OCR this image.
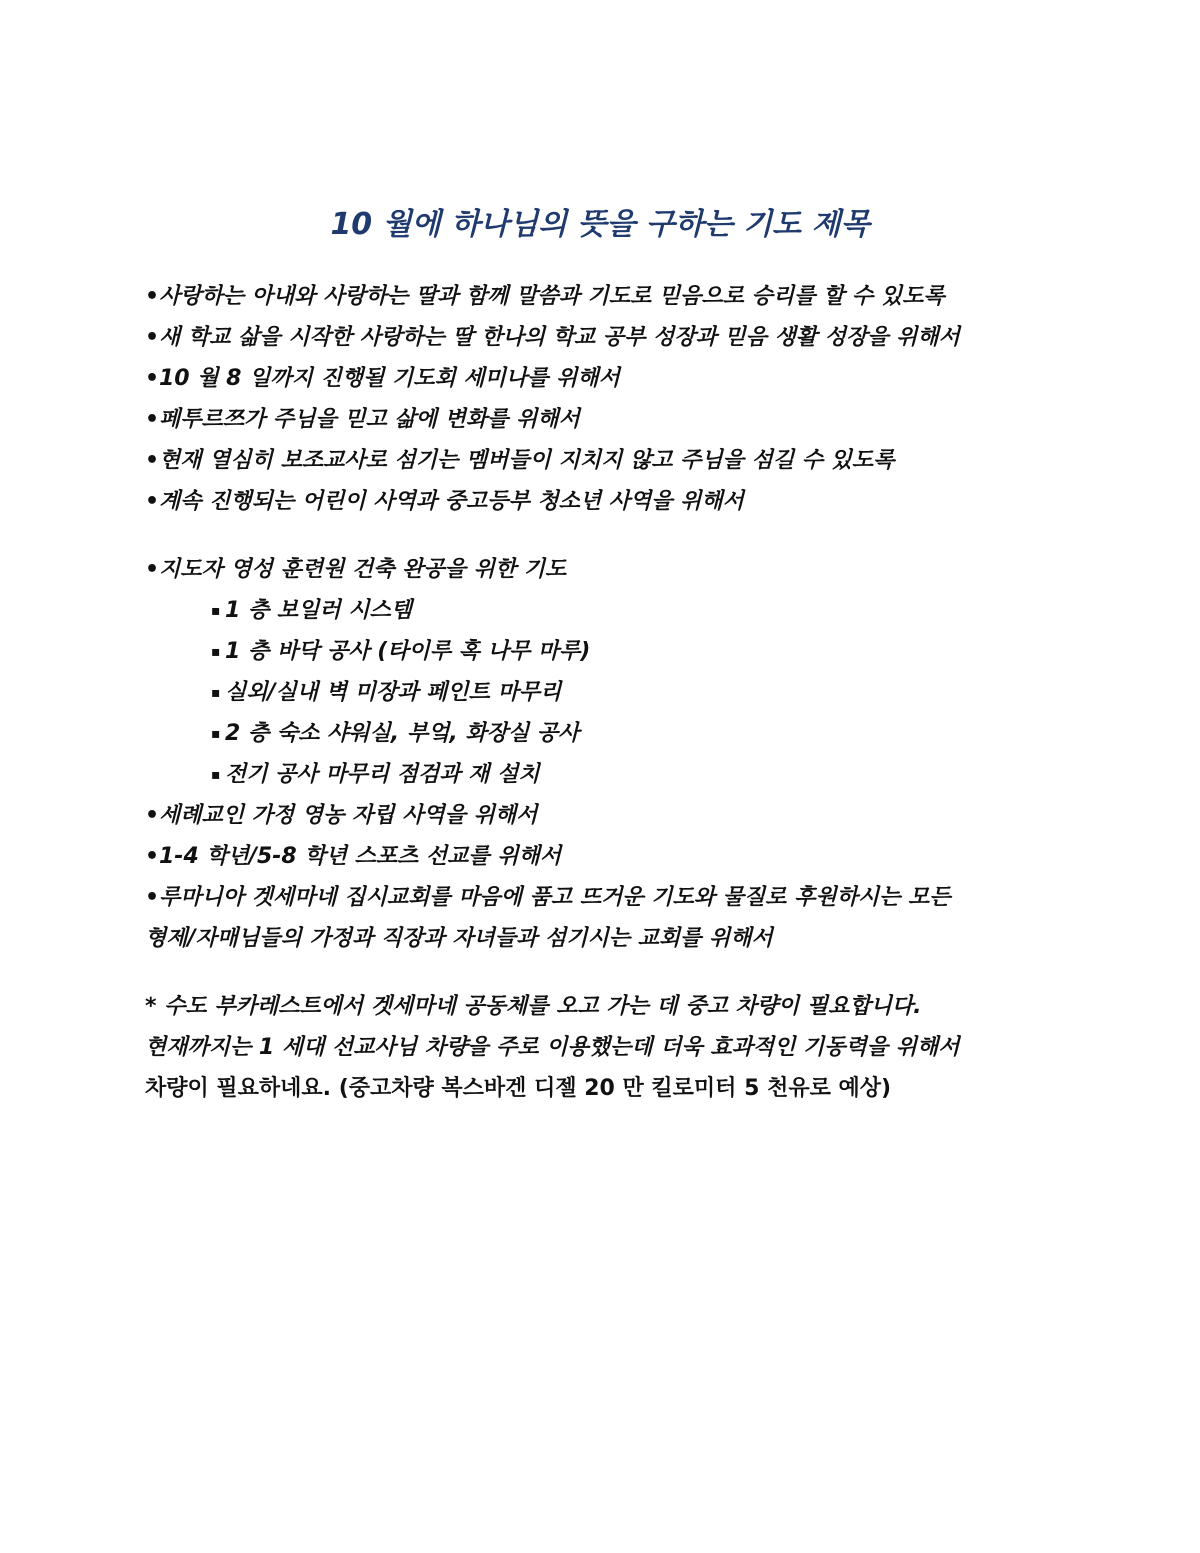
10 월에 하나님의 뜻을 구하는 기도 제목
•사랑하는 아내와 사랑하는 딸과 함께 말씀과 기도로 믿음으로 승리를 할 수 있도록
•새 학교 삶을 시작한 사랑하는 딸 한나의 학교 공부 성장과 믿음 생활 성장을 위해서
•10 월 8 일까지 진행될 기도회 세미나를 위해서
•페투르쯔가 주님을 믿고 삶에 변화를 위해서
•현재 열심히 보조교사로 섬기는 멤버들이 지치지 않고 주님을 섬길 수 있도록
•계속 진행되는 어린이 사역과 중고등부 청소년 사역을 위해서
•지도자 영성 훈련원 건축 완공을 위한 기도
▪ 1 층 보일러 시스템
▪ 1 층 바닥 공사 (타이루 혹 나무 마루)
▪ 실외/실내 벽 미장과 페인트 마무리
▪ 2 층 숙소 샤워실, 부엌, 화장실 공사
▪ 전기 공사 마무리 점검과 재 설치
•세례교인 가정 영농 자립 사역을 위해서
•1-4 학년/5-8 학년 스포츠 선교를 위해서
•루마니아 겟세마네 집시교회를 마음에 품고 뜨거운 기도와 물질로 후원하시는 모든
형제/자매님들의 가정과 직장과 자녀들과 섬기시는 교회를 위해서
* 수도 부카레스트에서 겟세마네 공동체를 오고 가는 데 중고 차량이 필요합니다.
현재까지는 1 세대 선교사님 차량을 주로 이용했는데 더욱 효과적인 기동력을 위해서
차량이 필요하네요. (중고차량 복스바겐 디젤 20 만 킬로미터 5 천유로 예상)
